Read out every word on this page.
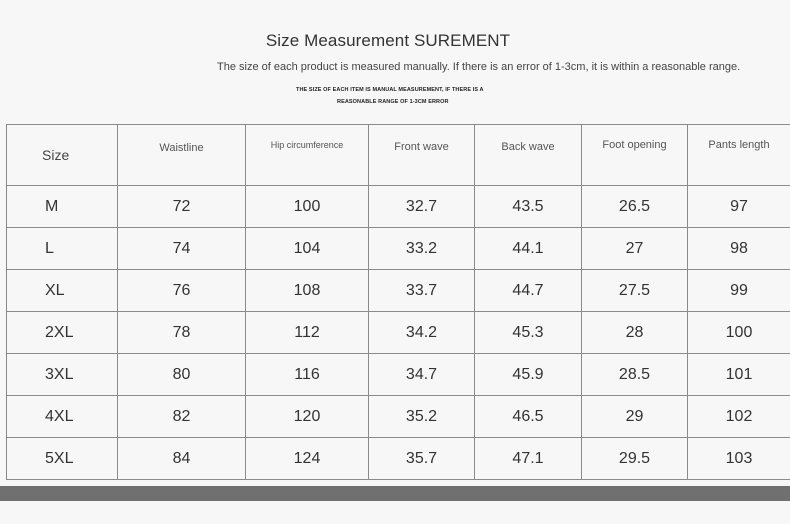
Size Measurement SUREMENT
The size of each product is measured manually. If there is an error of 1-3cm, it is within a reasonable range.
THE SIZE OF EACH ITEM IS MANUAL MEASUREMENT, IF THERE IS A
REASONABLE RANGE OF 1-3CM ERROR
Size	Waistline	Hip circumference	Front wave	Back wave	Foot opening	Pants length
M	72	100	32.7	43.5	26.5	97
L	74	104	33.2	44.1	27	98
XL	76	108	33.7	44.7	27.5	99
2XL	78	112	34.2	45.3	28	100
3XL	80	116	34.7	45.9	28.5	101
4XL	82	120	35.2	46.5	29	102
5XL	84	124	35.7	47.1	29.5	103
